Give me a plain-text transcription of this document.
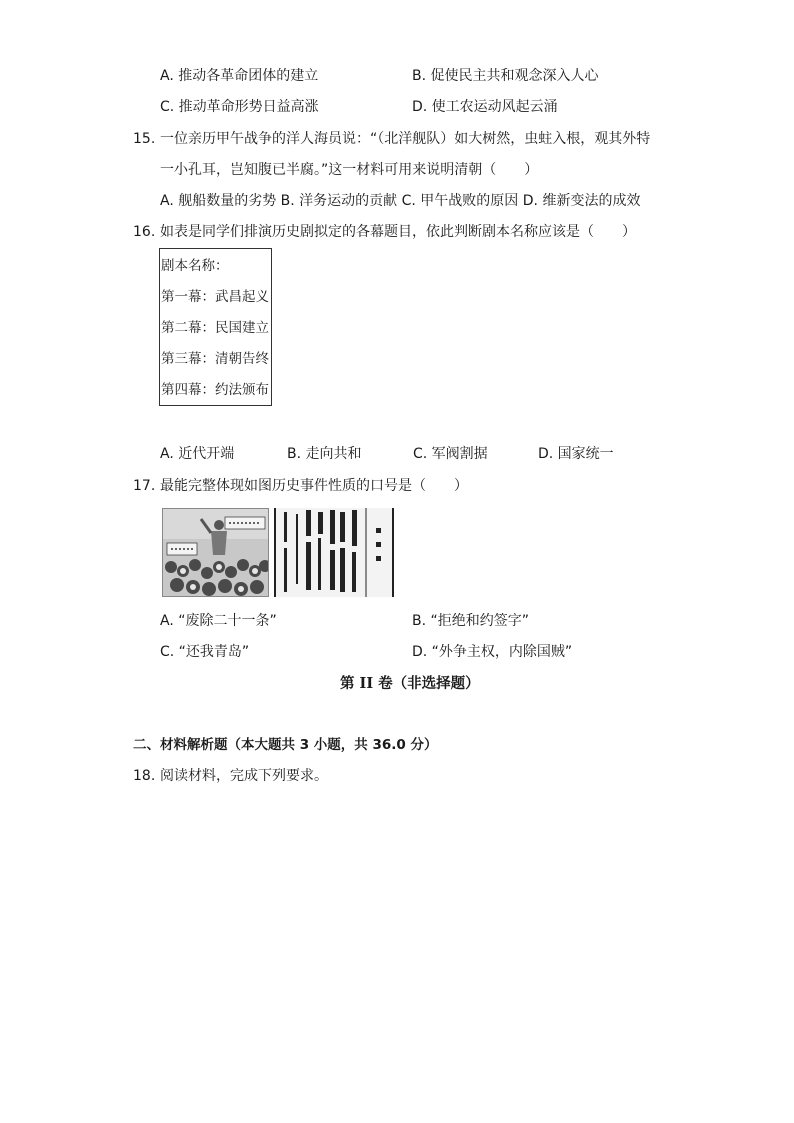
A. 推动各革命团体的建立	B. 促使民主共和观念深入人心
C. 推动革命形势日益高涨	D. 使工农运动风起云涌
15. 一位亲历甲午战争的洋人海员说：“（北洋舰队）如大树然，虫蛀入根，观其外特
一小孔耳，岂知腹已半腐。”这一材料可用来说明清朝（　　）
A. 舰船数量的劣势 B. 洋务运动的贡献 C. 甲午战败的原因 D. 维新变法的成效
16. 如表是同学们排演历史剧拟定的各幕题目，依此判断剧本名称应该是（　　）
剧本名称：
第一幕：武昌起义
第二幕：民国建立
第三幕：清朝告终
第四幕：约法颁布
A. 近代开端	B. 走向共和	C. 军阀割据	D. 国家统一
17. 最能完整体现如图历史事件性质的口号是（　　）
A. “废除二十一条”	B. “拒绝和约签字”
C. “还我青岛”	D. “外争主权，内除国贼”
第 II 卷（非选择题）
二、材料解析题（本大题共 3 小题，共 36.0 分）
18. 阅读材料，完成下列要求。
